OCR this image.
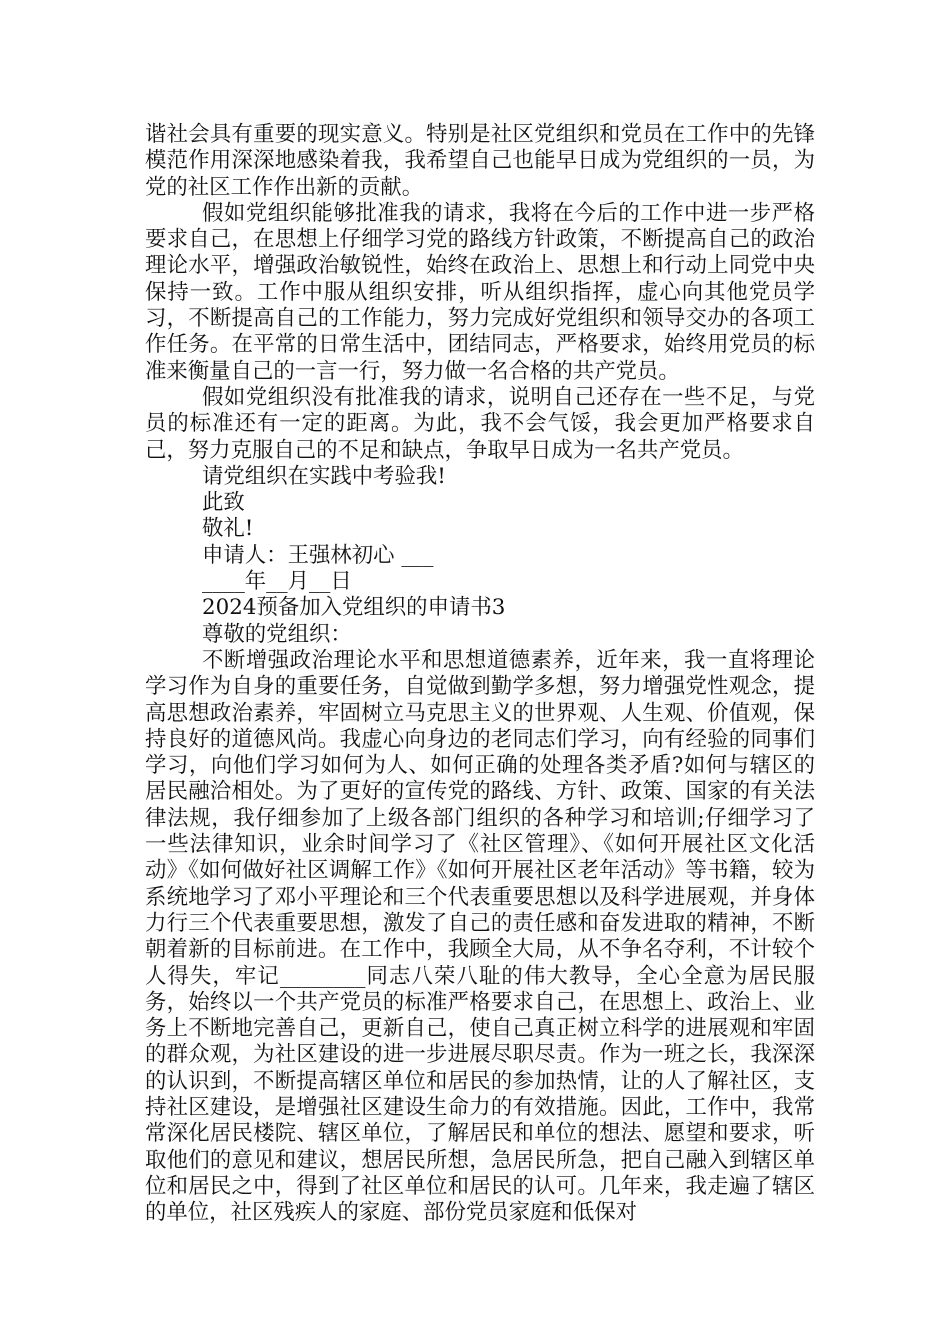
谐社会具有重要的现实意义。特别是社区党组织和党员在工作中的先锋模范作用深深地感染着我，我希望自己也能早日成为党组织的一员，为党的社区工作作出新的贡献。

假如党组织能够批准我的请求，我将在今后的工作中进一步严格要求自己，在思想上仔细学习党的路线方针政策，不断提高自己的政治理论水平，增强政治敏锐性，始终在政治上、思想上和行动上同党中央保持一致。工作中服从组织安排，听从组织指挥，虚心向其他党员学习，不断提高自己的工作能力，努力完成好党组织和领导交办的各项工作任务。在平常的日常生活中，团结同志，严格要求，始终用党员的标准来衡量自己的一言一行，努力做一名合格的共产党员。

假如党组织没有批准我的请求，说明自己还存在一些不足，与党员的标准还有一定的距离。为此，我不会气馁，我会更加严格要求自己，努力克服自己的不足和缺点，争取早日成为一名共产党员。

请党组织在实践中考验我!

此致

敬礼!

申请人：王强林初心 ___

____年__月__日

2024预备加入党组织的申请书3

尊敬的党组织：

不断增强政治理论水平和思想道德素养，近年来，我一直将理论学习作为自身的重要任务，自觉做到勤学多想，努力增强党性观念，提高思想政治素养，牢固树立马克思主义的世界观、人生观、价值观，保持良好的道德风尚。我虚心向身边的老同志们学习，向有经验的同事们学习，向他们学习如何为人、如何正确的处理各类矛盾?如何与辖区的居民融洽相处。为了更好的宣传党的路线、方针、政策、国家的有关法律法规，我仔细参加了上级各部门组织的各种学习和培训;仔细学习了一些法律知识，业余时间学习了《社区管理》、《如何开展社区文化活动》《如何做好社区调解工作》《如何开展社区老年活动》等书籍，较为系统地学习了邓小平理论和三个代表重要思想以及科学进展观，并身体力行三个代表重要思想，激发了自己的责任感和奋发进取的精神，不断朝着新的目标前进。在工作中，我顾全大局，从不争名夺利，不计较个人得失，牢记________同志八荣八耻的伟大教导，全心全意为居民服务，始终以一个共产党员的标准严格要求自己，在思想上、政治上、业务上不断地完善自己，更新自己，使自己真正树立科学的进展观和牢固的群众观，为社区建设的进一步进展尽职尽责。作为一班之长，我深深的认识到，不断提高辖区单位和居民的参加热情，让的人了解社区，支持社区建设，是增强社区建设生命力的有效措施。因此，工作中，我常常深化居民楼院、辖区单位，了解居民和单位的想法、愿望和要求，听取他们的意见和建议，想居民所想，急居民所急，把自己融入到辖区单位和居民之中，得到了社区单位和居民的认可。几年来，我走遍了辖区的单位，社区残疾人的家庭、部份党员家庭和低保对
